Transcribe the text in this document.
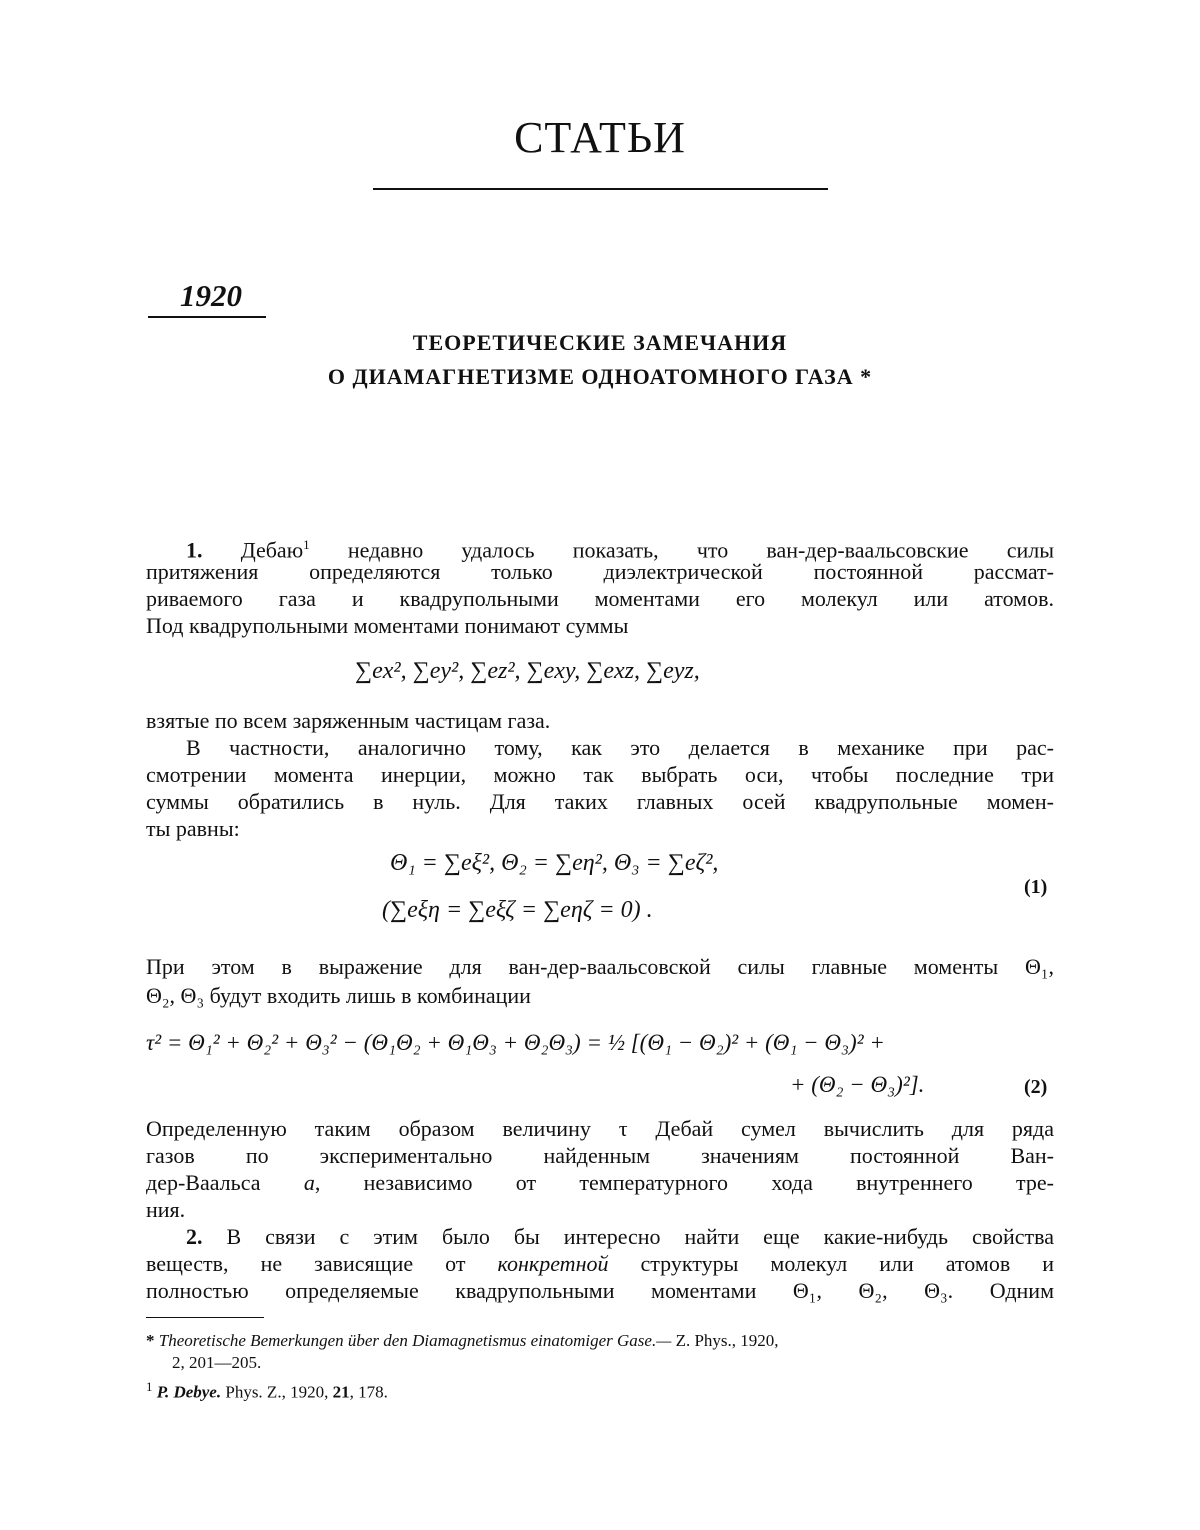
СТАТЬИ
1920
ТЕОРЕТИЧЕСКИЕ ЗАМЕЧАНИЯ
О ДИАМАГНЕТИЗМЕ ОДНОАТОМНОГО ГАЗА *
1. Дебаю$^1$ недавно удалось показать, что ван-дер-ваальсовские силы
притяжения определяются только диэлектрической постоянной рассмат-
риваемого газа и квадрупольными моментами его молекул или атомов.
Под квадрупольными моментами понимают суммы
∑ex², ∑ey², ∑ez², ∑exy, ∑exz, ∑eyz,
взятые по всем заряженным частицам газа.
В частности, аналогично тому, как это делается в механике при рас-
смотрении момента инерции, можно так выбрать оси, чтобы последние три
суммы обратились в нуль. Для таких главных осей квадрупольные момен-
ты равны:
Θ₁ = ∑eξ², Θ₂ = ∑eη², Θ₃ = ∑eζ²,
(∑eξη = ∑eξζ = ∑eηζ = 0) .
(1)
При этом в выражение для ван-дер-ваальсовской силы главные моменты Θ₁,
Θ₂, Θ₃ будут входить лишь в комбинации
τ² = Θ₁² + Θ₂² + Θ₃² − (Θ₁Θ₂ + Θ₁Θ₃ + Θ₂Θ₃) = ½ [(Θ₁ − Θ₂)² + (Θ₁ − Θ₃)² +
+ (Θ₂ − Θ₃)²].	(2)
Определенную таким образом величину τ Дебай сумел вычислить для ряда
газов по экспериментально найденным значениям постоянной Ван-
дер-Ваальса a, независимо от температурного хода внутреннего тре-
ния.
2. В связи с этим было бы интересно найти еще какие-нибудь свойства
веществ, не зависящие от конкретной структуры молекул или атомов и
полностью определяемые квадрупольными моментами Θ₁, Θ₂, Θ₃. Одним
* Theoretische Bemerkungen über den Diamagnetismus einatomiger Gase.— Z. Phys., 1920,
2, 201—205.
$^1$ P. Debye. Phys. Z., 1920, 21, 178.
